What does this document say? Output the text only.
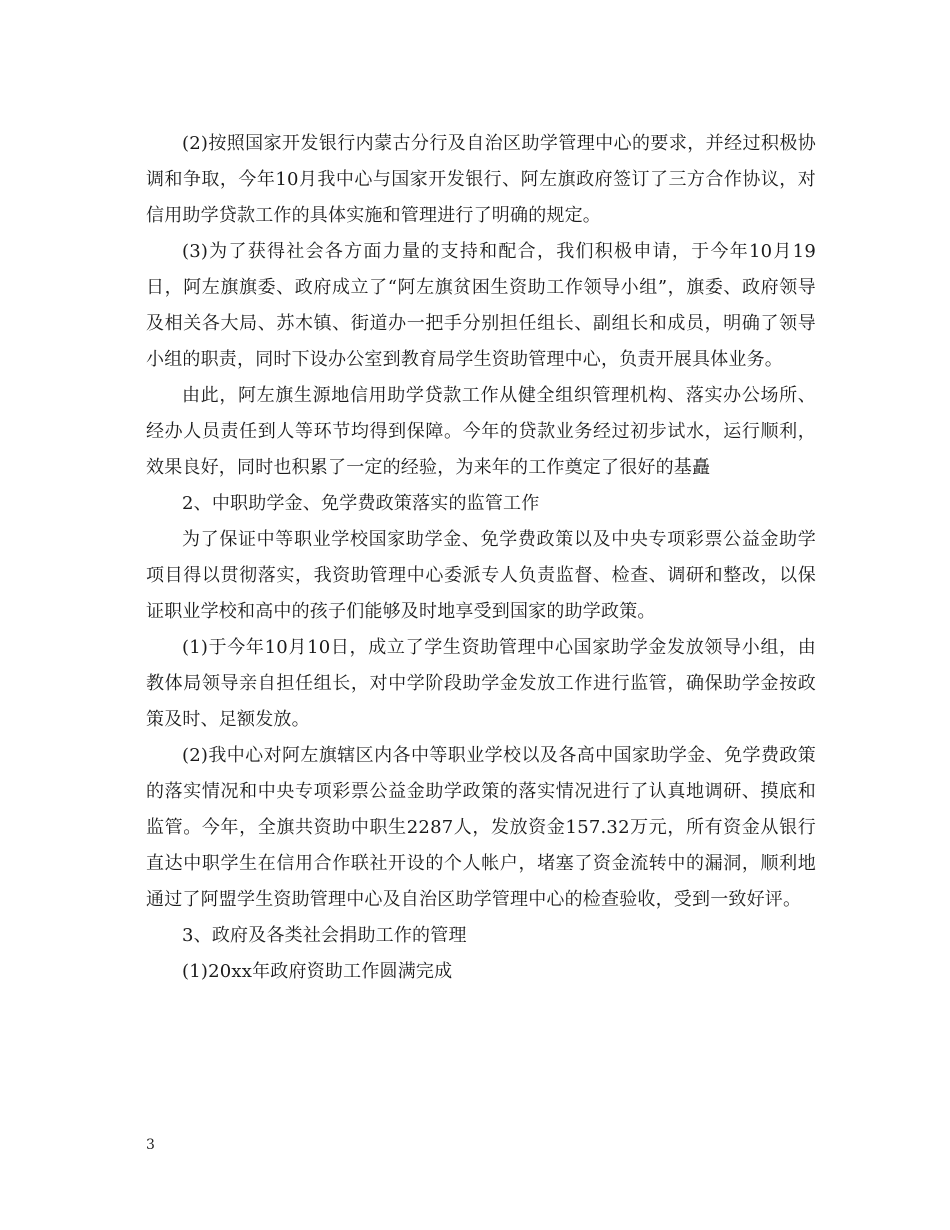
(2)按照国家开发银行内蒙古分行及自治区助学管理中心的要求，并经过积极协调和争取，今年10月我中心与国家开发银行、阿左旗政府签订了三方合作协议，对信用助学贷款工作的具体实施和管理进行了明确的规定。

(3)为了获得社会各方面力量的支持和配合，我们积极申请，于今年10月19日，阿左旗旗委、政府成立了“阿左旗贫困生资助工作领导小组”，旗委、政府领导及相关各大局、苏木镇、街道办一把手分别担任组长、副组长和成员，明确了领导小组的职责，同时下设办公室到教育局学生资助管理中心，负责开展具体业务。

由此，阿左旗生源地信用助学贷款工作从健全组织管理机构、落实办公场所、经办人员责任到人等环节均得到保障。今年的贷款业务经过初步试水，运行顺利，效果良好，同时也积累了一定的经验，为来年的工作奠定了很好的基矗

2、中职助学金、免学费政策落实的监管工作

为了保证中等职业学校国家助学金、免学费政策以及中央专项彩票公益金助学项目得以贯彻落实，我资助管理中心委派专人负责监督、检查、调研和整改，以保证职业学校和高中的孩子们能够及时地享受到国家的助学政策。

(1)于今年10月10日，成立了学生资助管理中心国家助学金发放领导小组，由教体局领导亲自担任组长，对中学阶段助学金发放工作进行监管，确保助学金按政策及时、足额发放。

(2)我中心对阿左旗辖区内各中等职业学校以及各高中国家助学金、免学费政策的落实情况和中央专项彩票公益金助学政策的落实情况进行了认真地调研、摸底和监管。今年，全旗共资助中职生2287人，发放资金157.32万元，所有资金从银行直达中职学生在信用合作联社开设的个人帐户，堵塞了资金流转中的漏洞，顺利地通过了阿盟学生资助管理中心及自治区助学管理中心的检查验收，受到一致好评。

3、政府及各类社会捐助工作的管理

(1)20xx年政府资助工作圆满完成

3
